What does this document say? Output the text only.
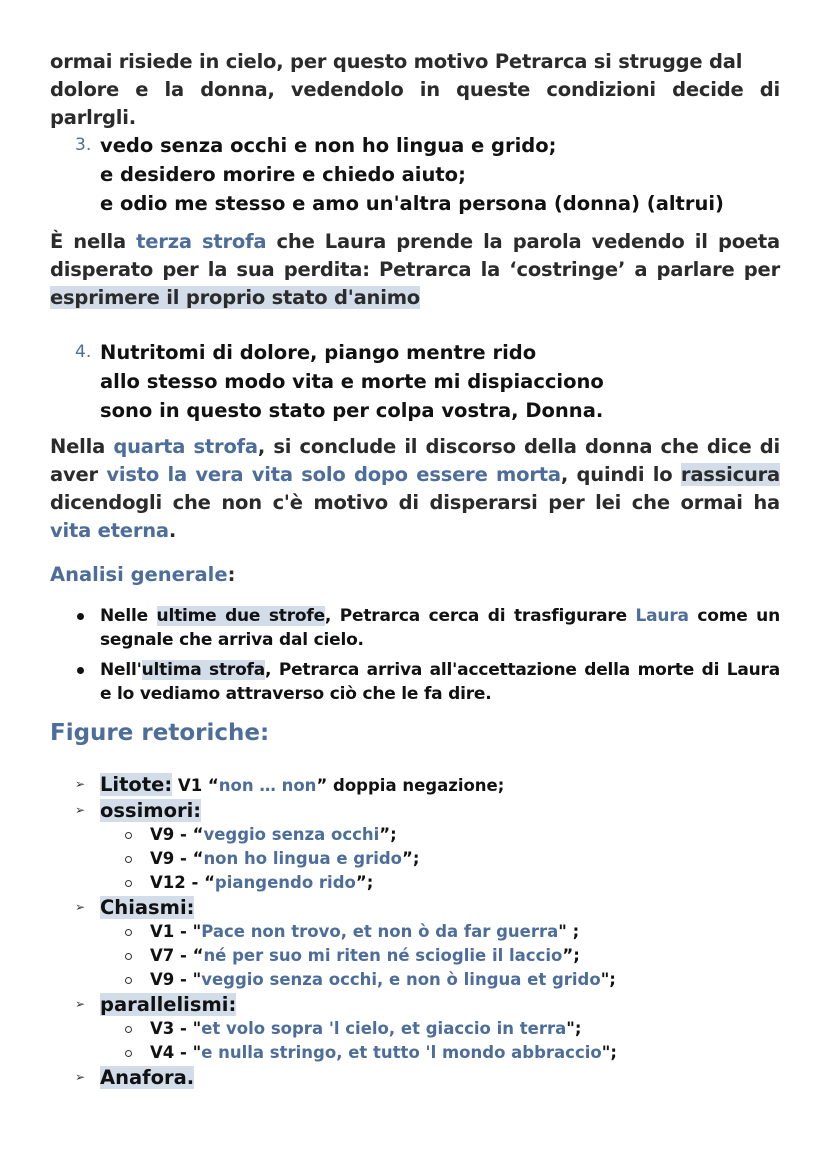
ormai risiede in cielo, per questo motivo Petrarca si strugge dal
dolore e la donna, vedendolo in queste condizioni decide di parlrgli.
3. vedo senza occhi e non ho lingua e grido;
e desidero morire e chiedo aiuto;
e odio me stesso e amo un'altra persona (donna) (altrui)
È nella terza strofa che Laura prende la parola vedendo il poeta disperato per la sua perdita: Petrarca la ‘costringe’ a parlare per esprimere il proprio stato d'animo
4. Nutritomi di dolore, piango mentre rido
allo stesso modo vita e morte mi dispiacciono
sono in questo stato per colpa vostra, Donna.
Nella quarta strofa, si conclude il discorso della donna che dice di aver visto la vera vita solo dopo essere morta, quindi lo rassicura dicendogli che non c'è motivo di disperarsi per lei che ormai ha vita eterna.
Analisi generale:
Nelle ultime due strofe, Petrarca cerca di trasfigurare Laura come un segnale che arriva dal cielo.
Nell'ultima strofa, Petrarca arriva all'accettazione della morte di Laura e lo vediamo attraverso ciò che le fa dire.
Figure retoriche:
➢ Litote: V1 “non … non” doppia negazione;
➢ ossimori:
V9 - “veggio senza occhi”;
V9 - “non ho lingua e grido”;
V12 - “piangendo rido”;
➢ Chiasmi:
V1 - "Pace non trovo, et non ò da far guerra" ;
V7 - “né per suo mi riten né scioglie il laccio”;
V9 - "veggio senza occhi, e non ò lingua et grido";
➢ parallelismi:
V3 - "et volo sopra 'l cielo, et giaccio in terra";
V4 - "e nulla stringo, et tutto 'l mondo abbraccio";
➢ Anafora.
